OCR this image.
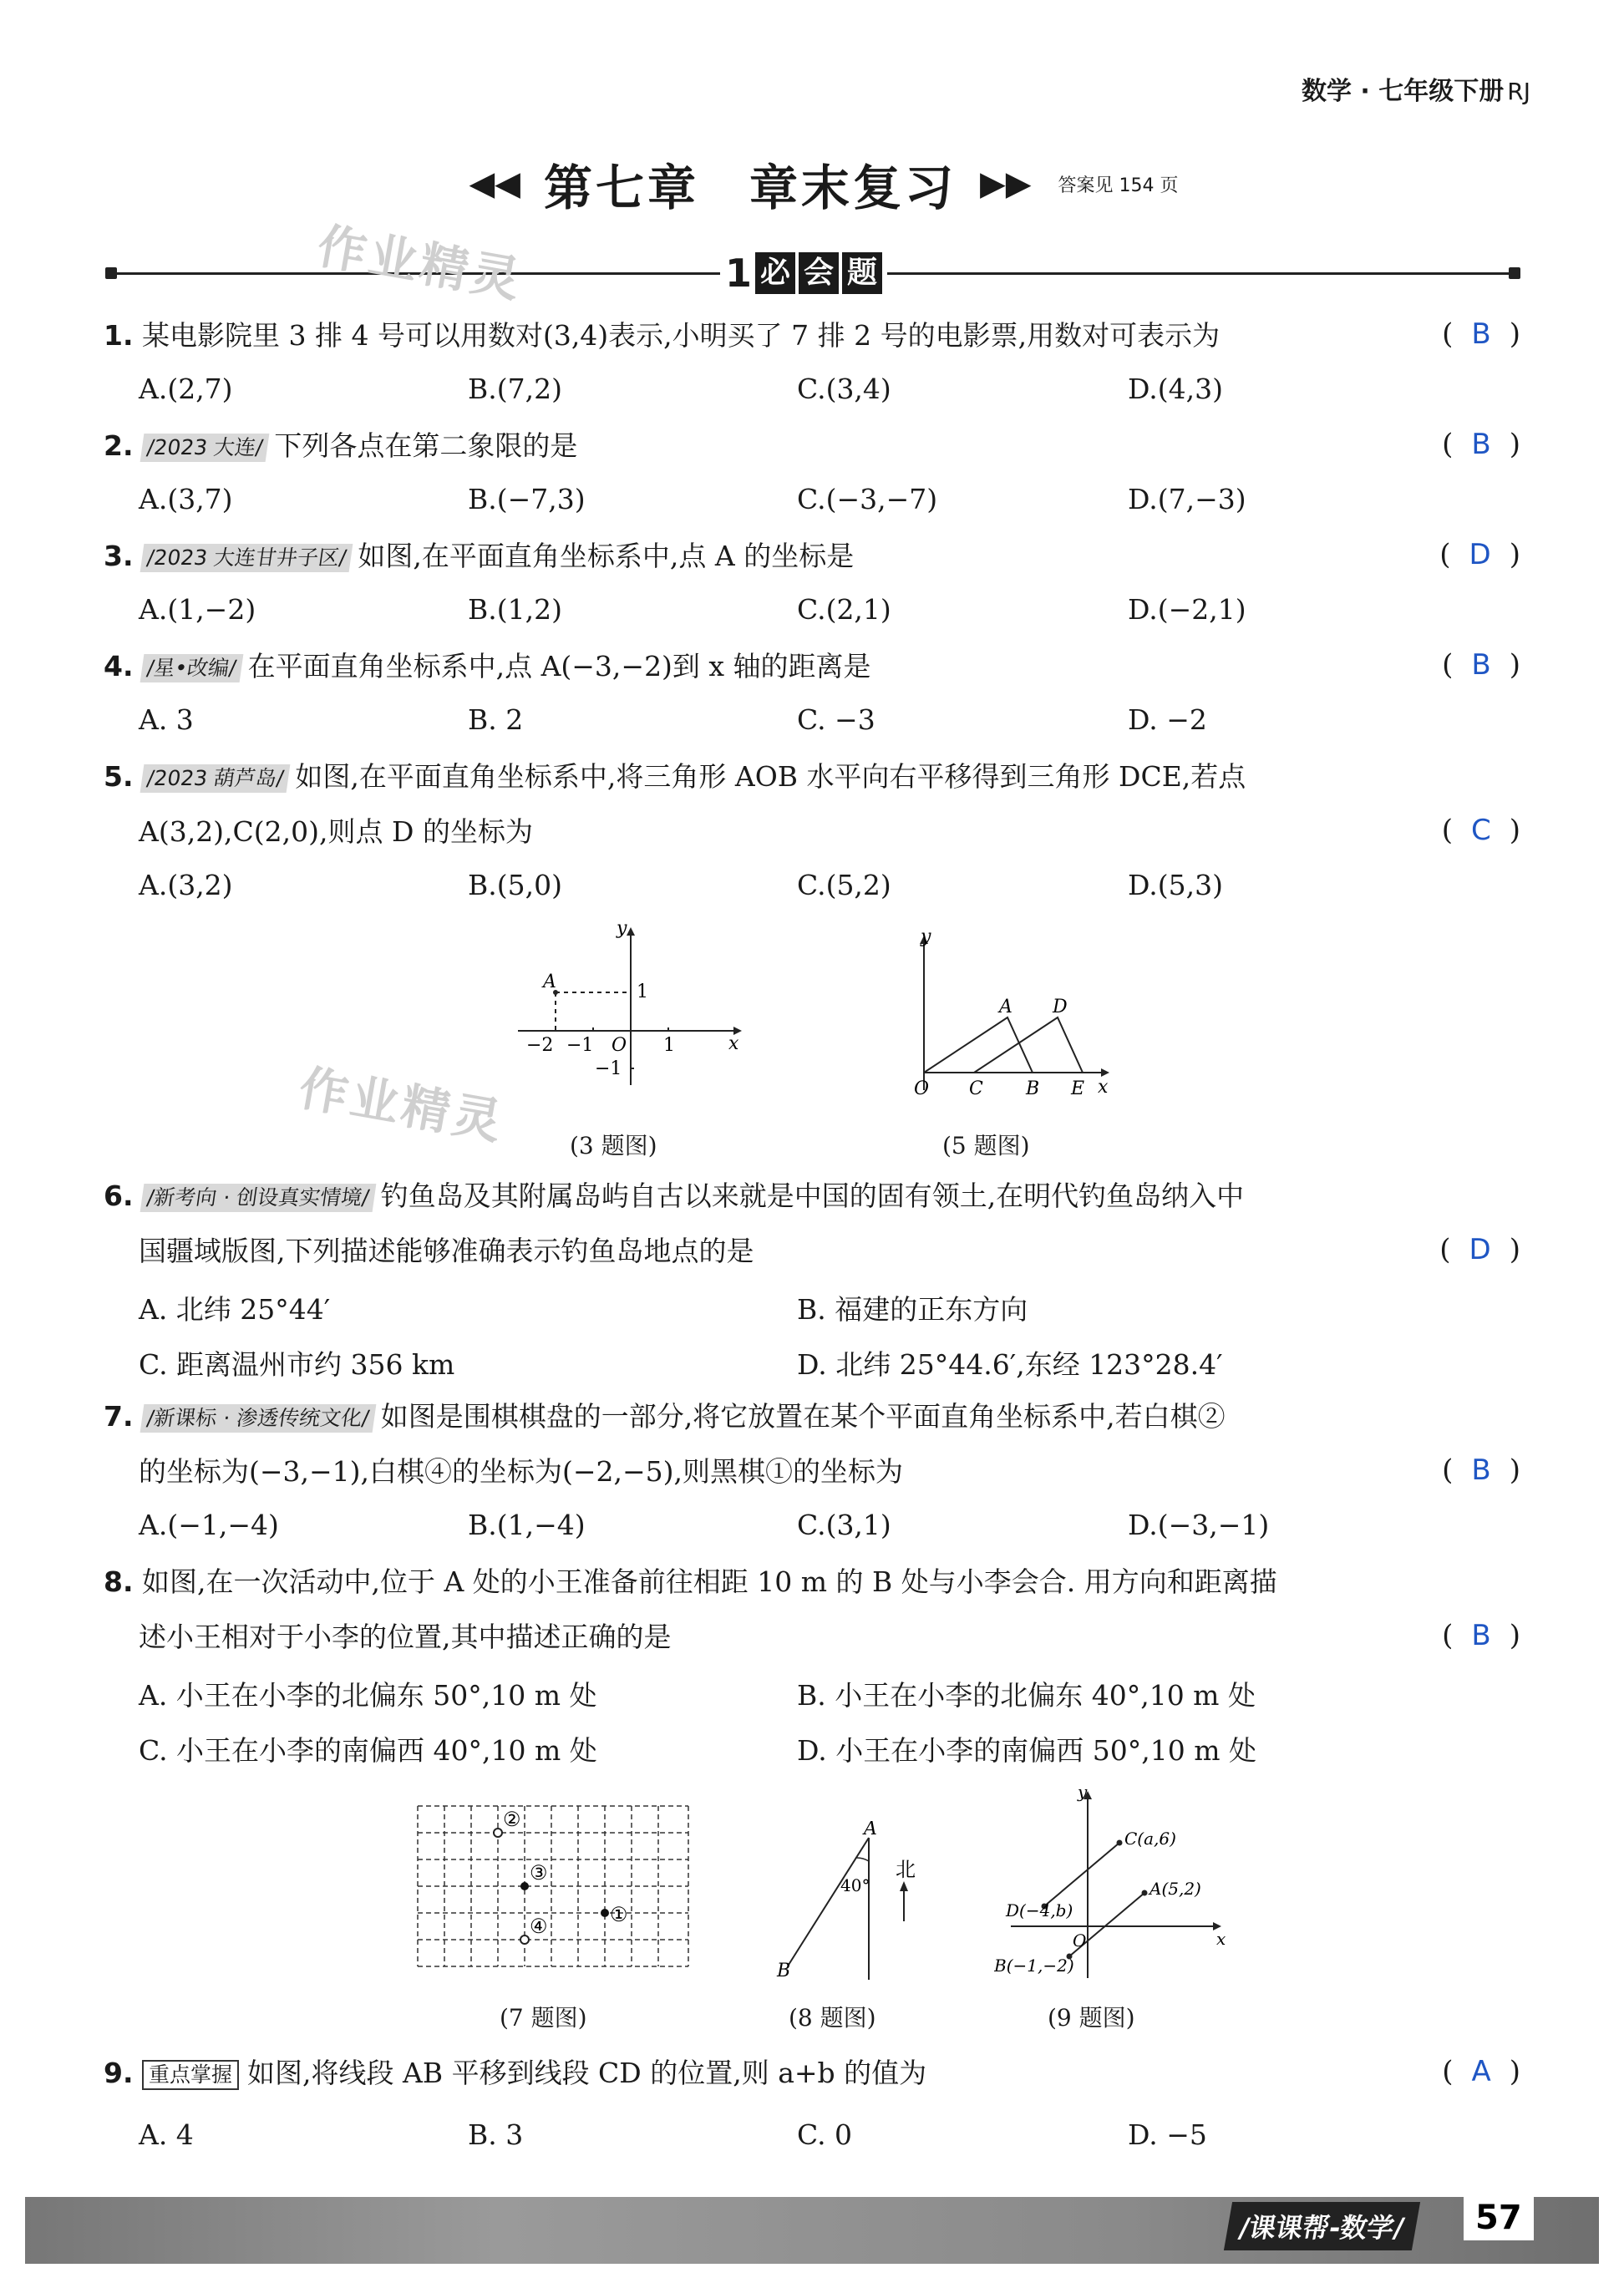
数学 · 七年级下册 RJ
◀◀ 第七章 章末复习 ▶▶ 答案见 154 页
1 必 会 题
作业精灵
作业精灵
1. 某电影院里 3 排 4 号可以用数对(3,4)表示,小明买了 7 排 2 号的电影票,用数对可表示为	( B )
A.(2,7)	B.(7,2)	C.(3,4)	D.(4,3)
2. /2023 大连/ 下列各点在第二象限的是	( B )
A.(3,7)	B.(−7,3)	C.(−3,−7)	D.(7,−3)
3. /2023 大连甘井子区/ 如图,在平面直角坐标系中,点 A 的坐标是	( D )
A.(1,−2)	B.(1,2)	C.(2,1)	D.(−2,1)
4. /星•改编/ 在平面直角坐标系中,点 A(−3,−2)到 x 轴的距离是	( B )
A. 3	B. 2	C. −3	D. −2
5. /2023 葫芦岛/ 如图,在平面直角坐标系中,将三角形 AOB 水平向右平移得到三角形 DCE,若点
A(3,2),C(2,0),则点 D 的坐标为	( C )
A.(3,2)	B.(5,0)	C.(5,2)	D.(5,3)
y
x
A
O
1
−1
−2	1
−1
(3 题图)
y
x
O
A D
C B E
(5 题图)
6. /新考向 · 创设真实情境/ 钓鱼岛及其附属岛屿自古以来就是中国的固有领土,在明代钓鱼岛纳入中
国疆域版图,下列描述能够准确表示钓鱼岛地点的是	( D )
A. 北纬 25°44′	B. 福建的正东方向
C. 距离温州市约 356 km	D. 北纬 25°44.6′,东经 123°28.4′
7. /新课标 · 渗透传统文化/ 如图是围棋棋盘的一部分,将它放置在某个平面直角坐标系中,若白棋②
的坐标为(−3,−1),白棋④的坐标为(−2,−5),则黑棋①的坐标为	( B )
A.(−1,−4)	B.(1,−4)	C.(3,1)	D.(−3,−1)
8. 如图,在一次活动中,位于 A 处的小王准备前往相距 10 m 的 B 处与小李会合. 用方向和距离描
述小王相对于小李的位置,其中描述正确的是	( B )
A. 小王在小李的北偏东 50°,10 m 处	B. 小王在小李的北偏东 40°,10 m 处
C. 小王在小李的南偏西 40°,10 m 处	D. 小王在小李的南偏西 50°,10 m 处
②
③
①
④
(7 题图)
A
B
40°
北
(8 题图)
y
x
O
C(a,6)
D(−4,b)
A(5,2)
B(−1,−2)
(9 题图)
9. 重点掌握 如图,将线段 AB 平移到线段 CD 的位置,则 a+b 的值为	( A )
A. 4	B. 3	C. 0	D. −5
/课课帮-数学/	57
